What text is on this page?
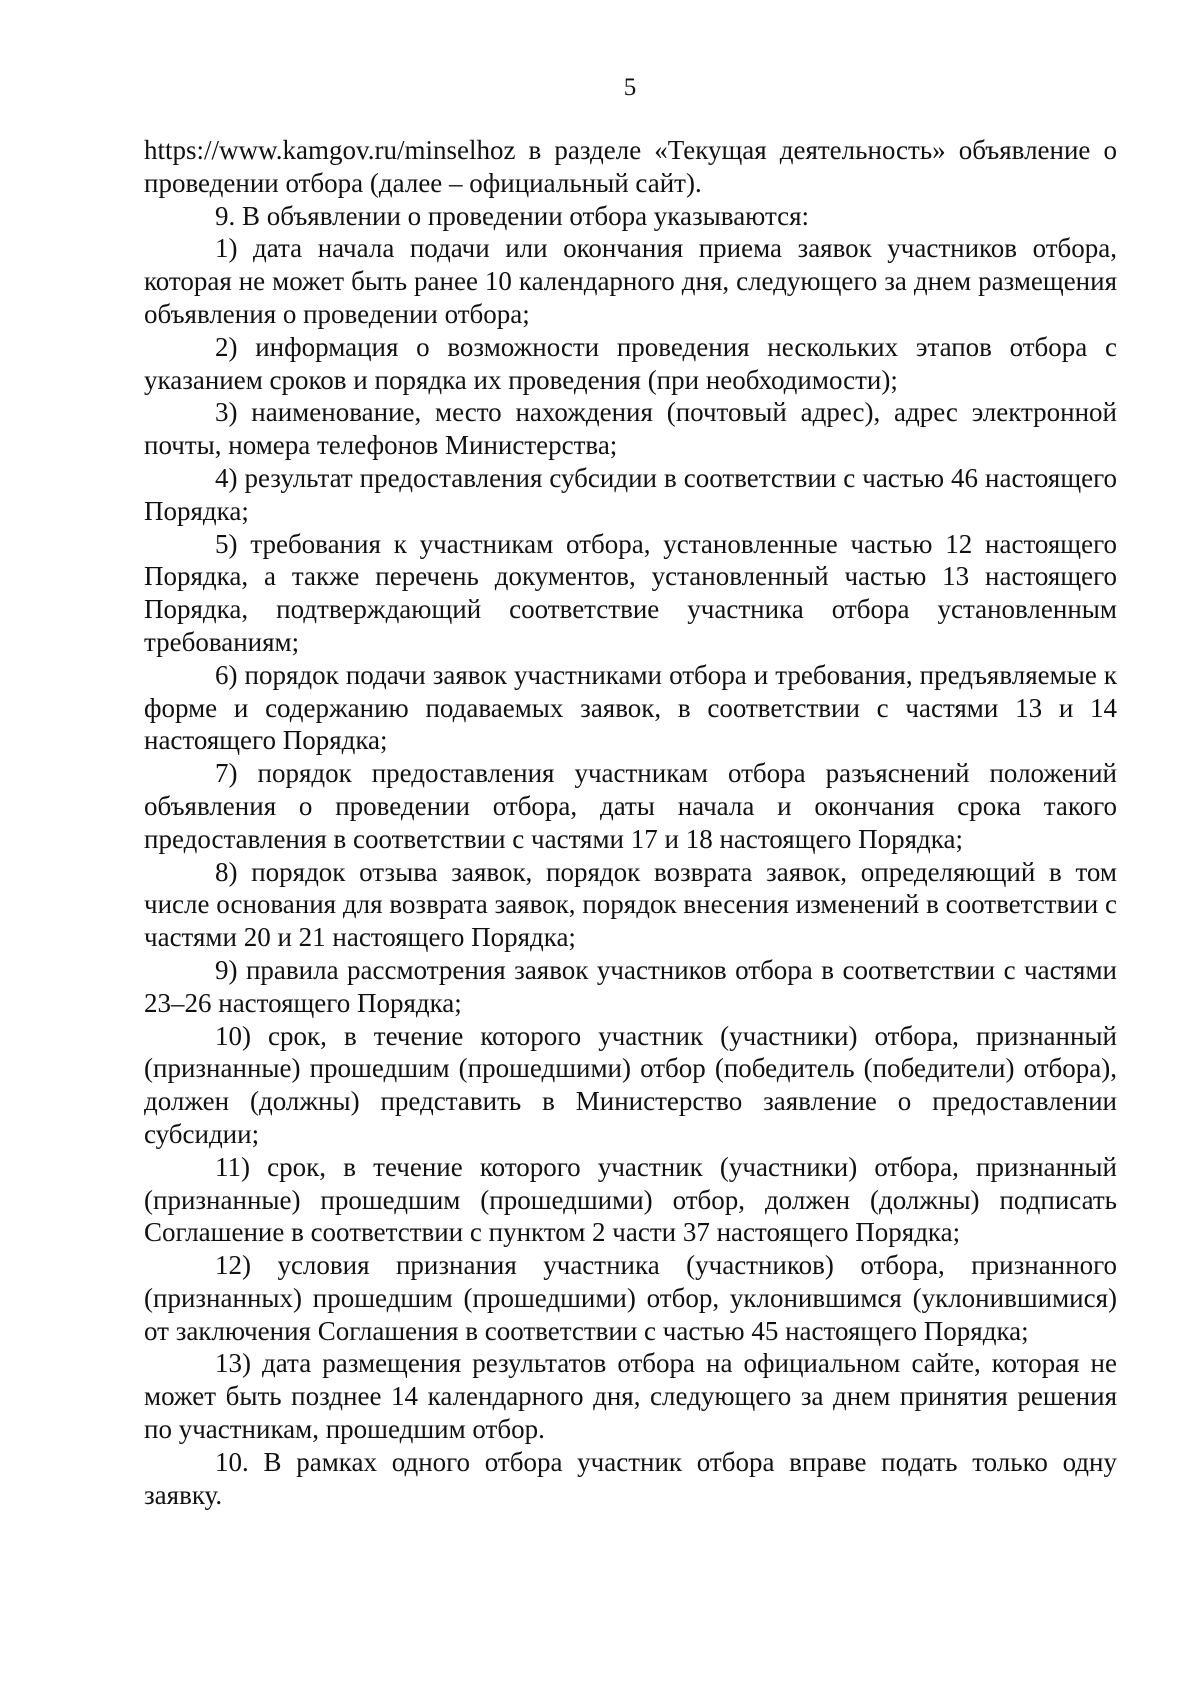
5

https://www.kamgov.ru/minselhoz в разделе «Текущая деятельность» объявление о проведении отбора (далее – официальный сайт).

9. В объявлении о проведении отбора указываются:

1) дата начала подачи или окончания приема заявок участников отбора, которая не может быть ранее 10 календарного дня, следующего за днем размещения объявления о проведении отбора;

2) информация о возможности проведения нескольких этапов отбора с указанием сроков и порядка их проведения (при необходимости);

3) наименование, место нахождения (почтовый адрес), адрес электронной почты, номера телефонов Министерства;

4) результат предоставления субсидии в соответствии с частью 46 настоящего Порядка;

5) требования к участникам отбора, установленные частью 12 настоящего Порядка, а также перечень документов, установленный частью 13 настоящего Порядка, подтверждающий соответствие участника отбора установленным требованиям;

6) порядок подачи заявок участниками отбора и требования, предъявляемые к форме и содержанию подаваемых заявок, в соответствии с частями 13 и 14 настоящего Порядка;

7) порядок предоставления участникам отбора разъяснений положений объявления о проведении отбора, даты начала и окончания срока такого предоставления в соответствии с частями 17 и 18 настоящего Порядка;

8) порядок отзыва заявок, порядок возврата заявок, определяющий в том числе основания для возврата заявок, порядок внесения изменений в соответствии с частями 20 и 21 настоящего Порядка;

9) правила рассмотрения заявок участников отбора в соответствии с частями 23–26 настоящего Порядка;

10) срок, в течение которого участник (участники) отбора, признанный (признанные) прошедшим (прошедшими) отбор (победитель (победители) отбора), должен (должны) представить в Министерство заявление о предоставлении субсидии;

11) срок, в течение которого участник (участники) отбора, признанный (признанные) прошедшим (прошедшими) отбор, должен (должны) подписать Соглашение в соответствии с пунктом 2 части 37 настоящего Порядка;

12) условия признания участника (участников) отбора, признанного (признанных) прошедшим (прошедшими) отбор, уклонившимся (уклонившимися) от заключения Соглашения в соответствии с частью 45 настоящего Порядка;

13) дата размещения результатов отбора на официальном сайте, которая не может быть позднее 14 календарного дня, следующего за днем принятия решения по участникам, прошедшим отбор.

10. В рамках одного отбора участник отбора вправе подать только одну заявку.
